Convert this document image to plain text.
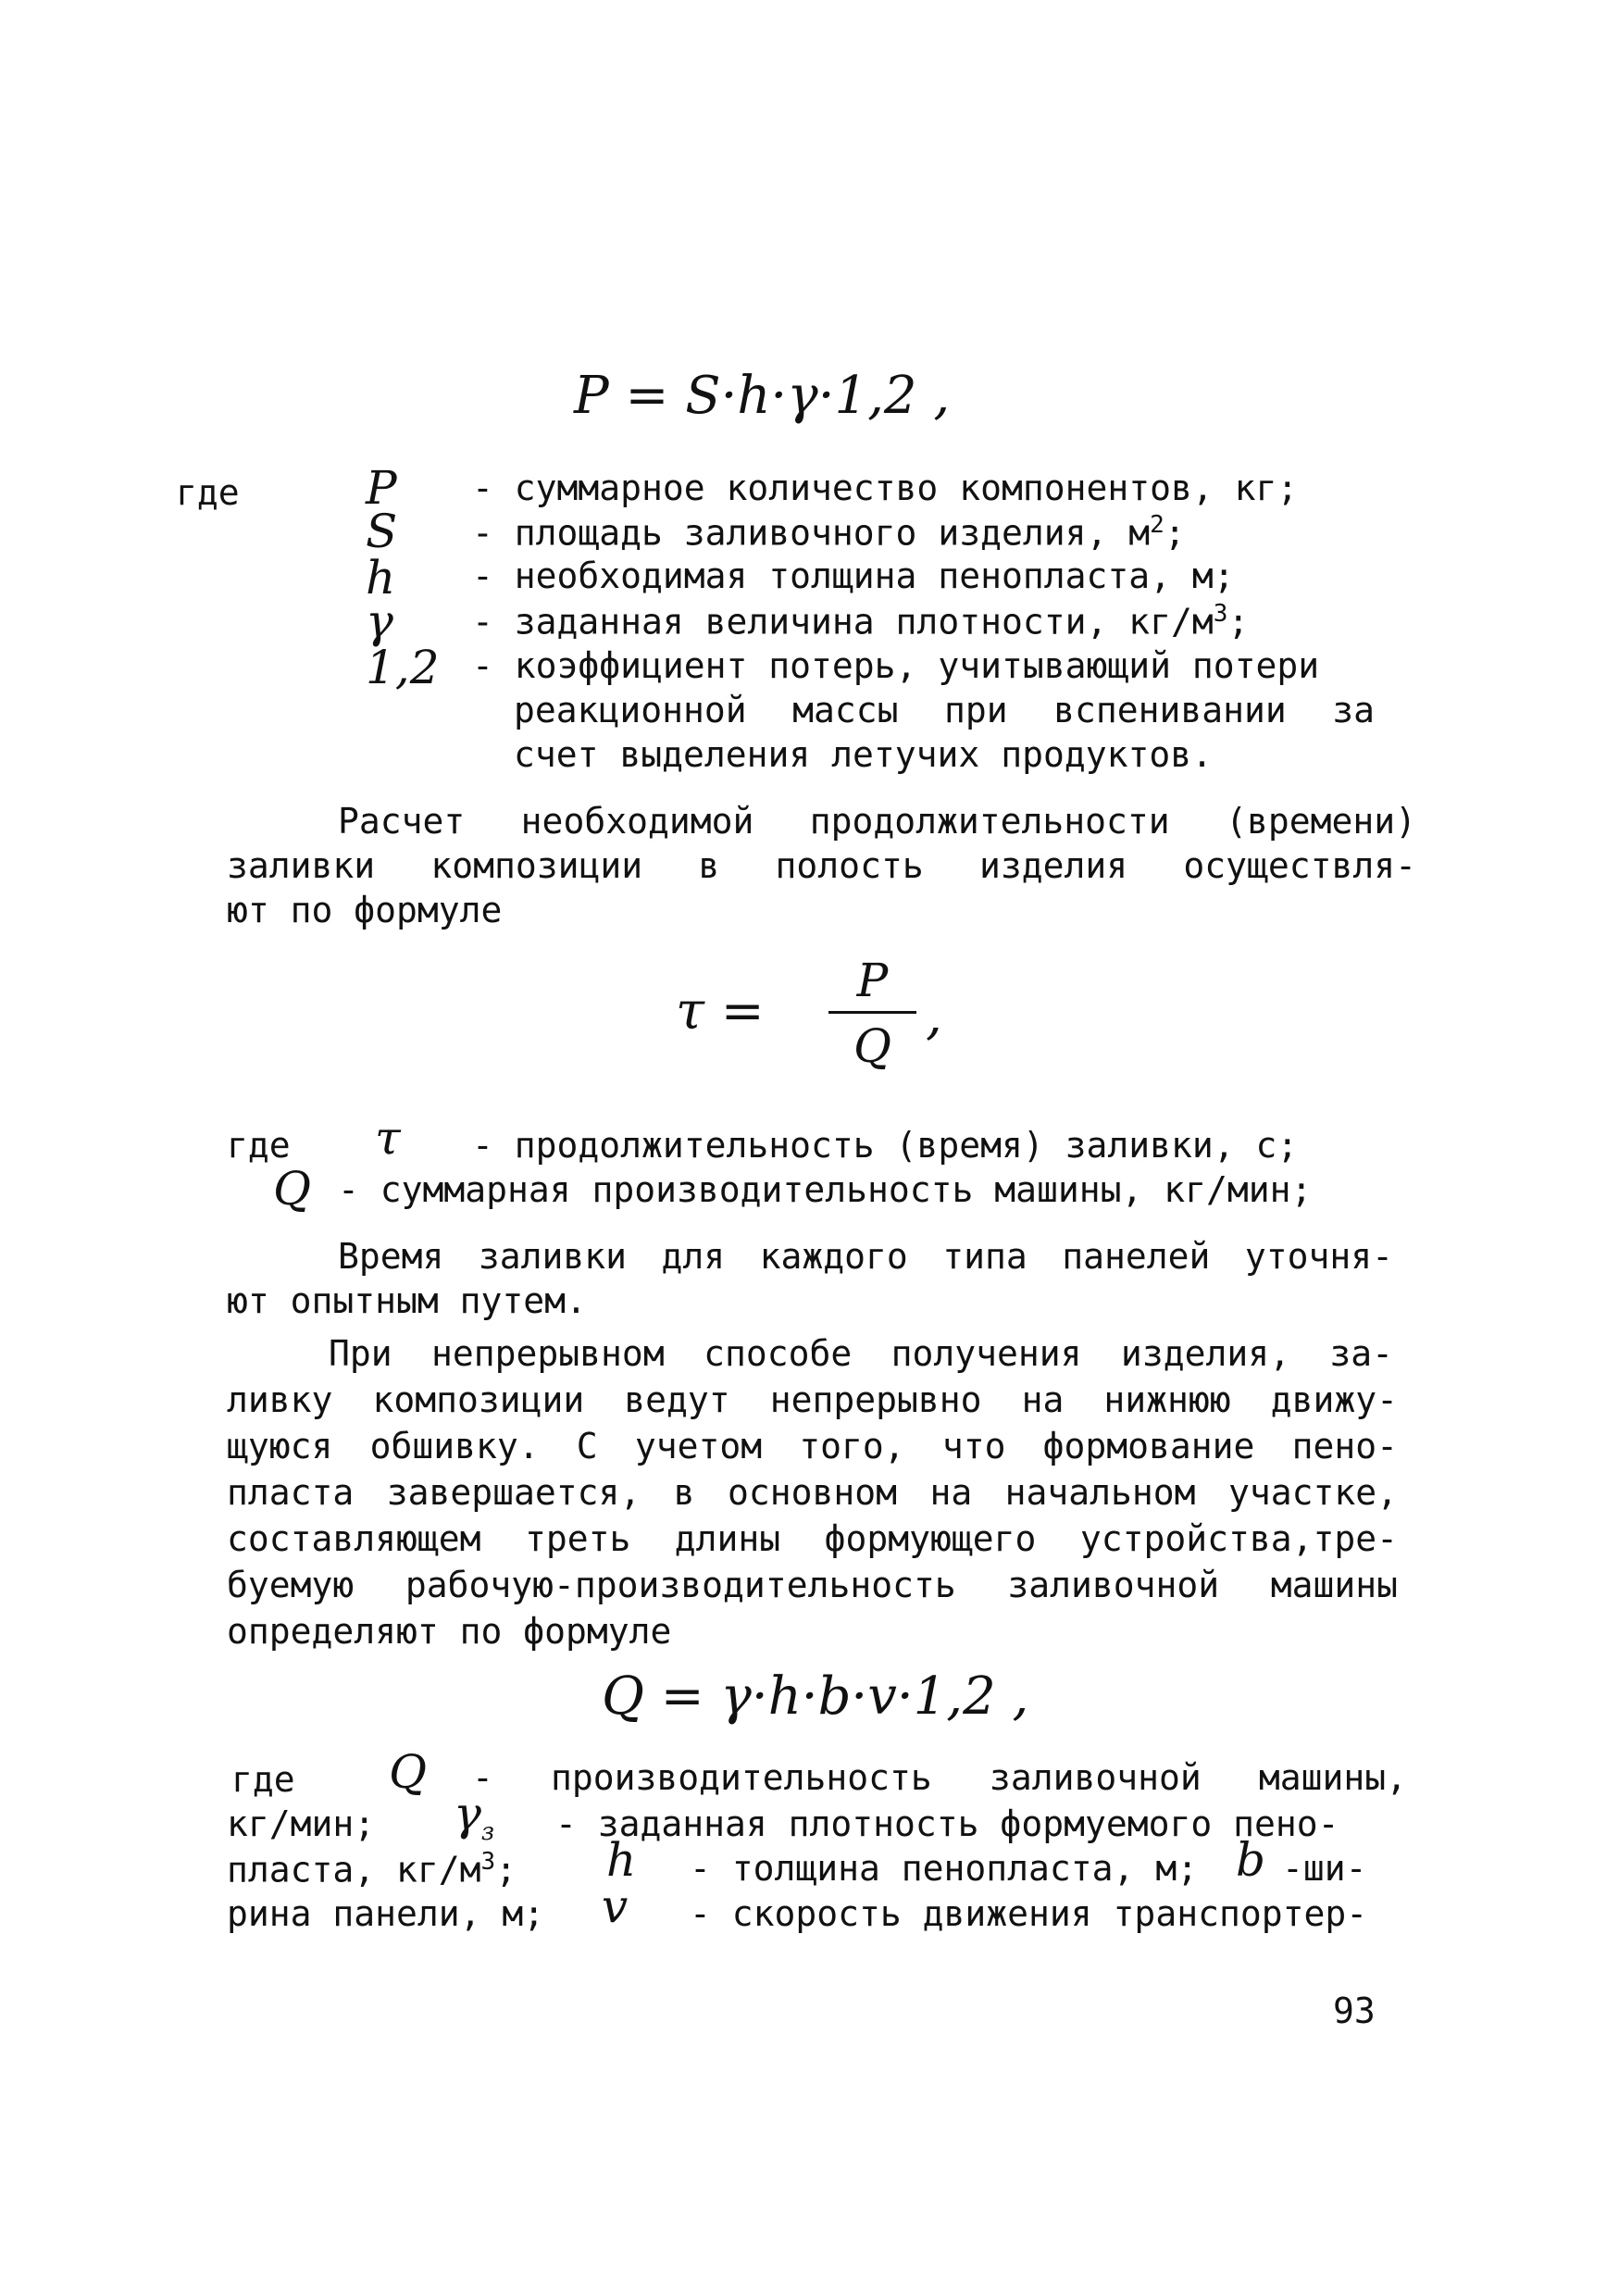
P = S·h·γ·1,2 ,
где	P - суммарное количество компонентов, кг;
S - площадь заливочного изделия, $м^2$;
h - необходимая толщина пенопласта, м;
γ - заданная величина плотности, $кг/м^3$;
1,2 - коэффициент потерь, учитывающий потери
реакционной массы при вспенивании за
счет выделения летучих продуктов.
Расчет необходимой продолжительности (времени)
заливки композиции в полость изделия осуществля-
ют по формуле
τ =
P
Q ,
где τ - продолжительность (время) заливки, с;
Q - суммарная производительность машины, кг/мин;
Время заливки для каждого типа панелей уточня-
ют опытным путем.
При непрерывном способе получения изделия, за-
ливку композиции ведут непрерывно на нижнюю движу-
щуюся обшивку. С учетом того, что формование пено-
пласта завершается, в основном на начальном участке,
составляющем треть длины формующего устройства,тре-
буемую рабочую-производительность заливочной машины
определяют по формуле
Q = γ·h·b·v·1,2 ,
где Q - производительность заливочной машины,
кг/мин; $\gamma_з$ - заданная плотность формуемого пено-
пласта, $кг/м^3$; h - толщина пенопласта, м; b -ши-
рина панели, м; v - скорость движения транспортер-
93
